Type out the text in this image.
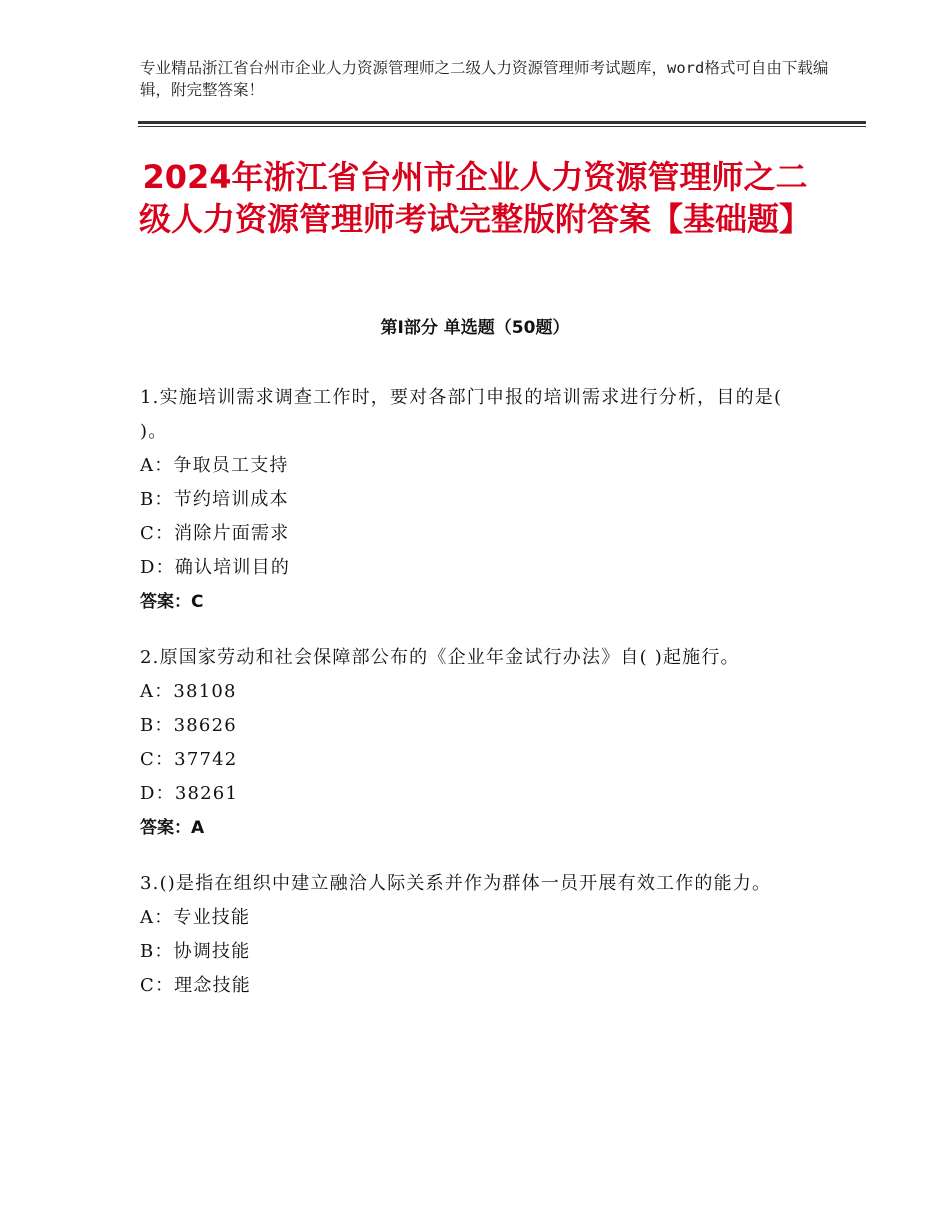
专业精品浙江省台州市企业人力资源管理师之二级人力资源管理师考试题库，word格式可自由下载编辑，附完整答案！
2024年浙江省台州市企业人力资源管理师之二级人力资源管理师考试完整版附答案【基础题】
第Ⅰ部分 单选题（50题）
1.实施培训需求调查工作时，要对各部门申报的培训需求进行分析，目的是( )。
A：争取员工支持
B：节约培训成本
C：消除片面需求
D：确认培训目的
答案：C
2.原国家劳动和社会保障部公布的《企业年金试行办法》自( )起施行。
A：38108
B：38626
C：37742
D：38261
答案：A
3.()是指在组织中建立融洽人际关系并作为群体一员开展有效工作的能力。
A：专业技能
B：协调技能
C：理念技能
